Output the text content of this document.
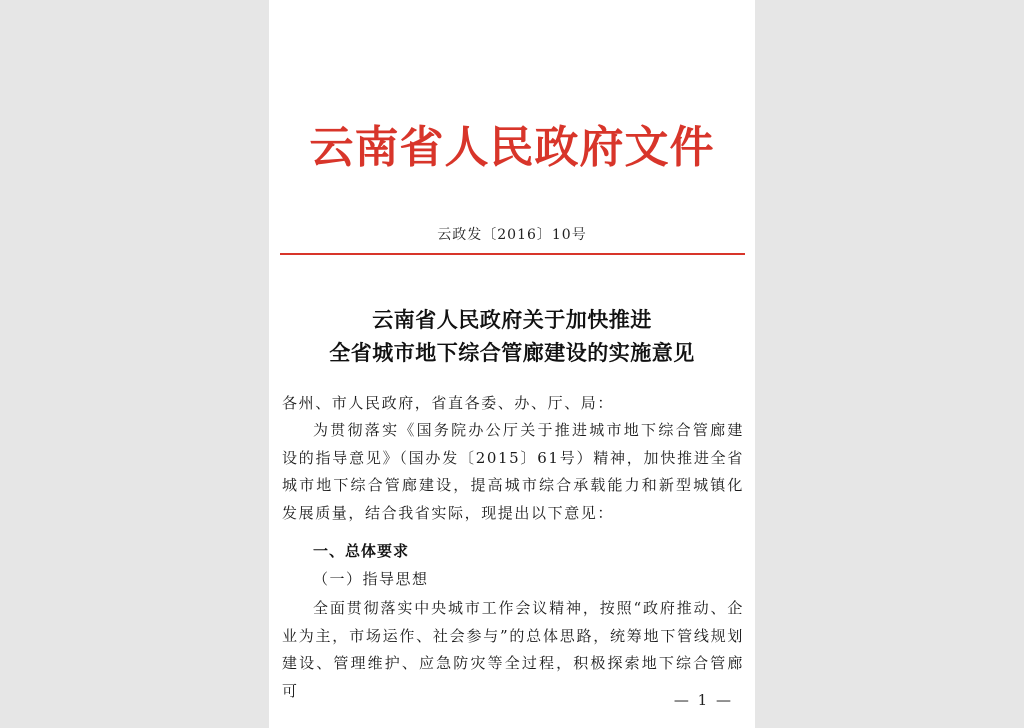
云南省人民政府文件
云政发〔2016〕10号
云南省人民政府关于加快推进
全省城市地下综合管廊建设的实施意见
各州、市人民政府，省直各委、办、厅、局：
为贯彻落实《国务院办公厅关于推进城市地下综合管廊建设的指导意见》（国办发〔2015〕61号）精神，加快推进全省城市地下综合管廊建设，提高城市综合承载能力和新型城镇化发展质量，结合我省实际，现提出以下意见：
一、总体要求
（一）指导思想
全面贯彻落实中央城市工作会议精神，按照“政府推动、企业为主，市场运作、社会参与”的总体思路，统筹地下管线规划建设、管理维护、应急防灾等全过程，积极探索地下综合管廊可
— 1 —
